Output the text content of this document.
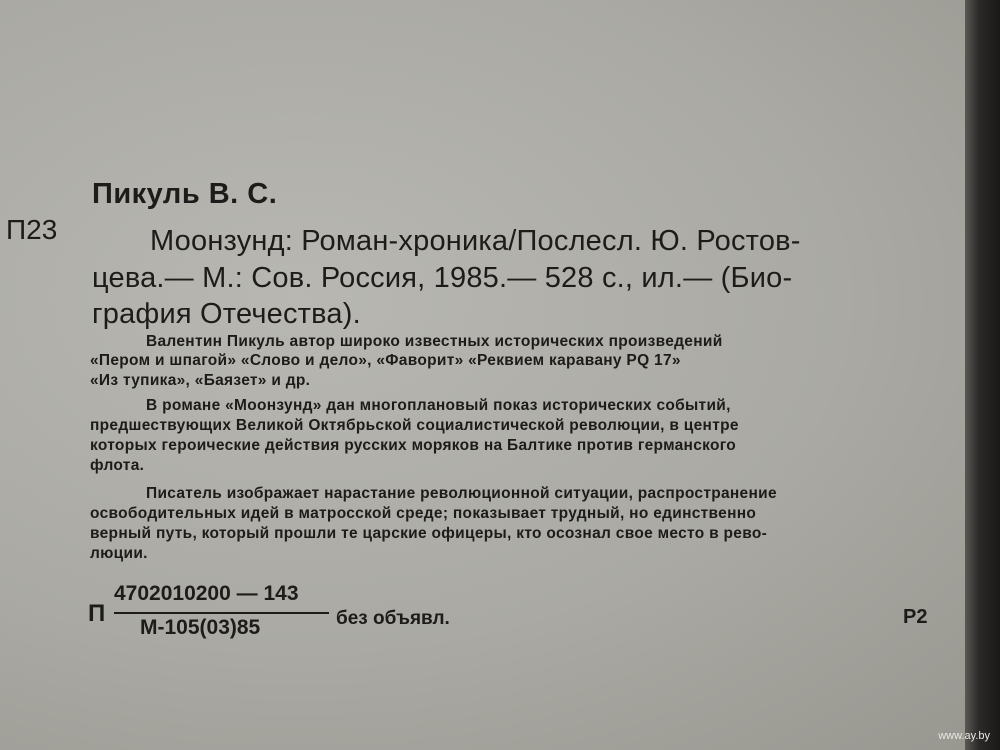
Пикуль В. С.
П23	Моонзунд: Роман-хроника/Послесл. Ю. Ростов-
цева.— М.: Сов. Россия, 1985.— 528 с., ил.— (Био-
графия Отечества).
Валентин Пикуль автор широко известных исторических произведений
«Пером и шпагой» «Слово и дело», «Фаворит» «Реквием каравану PQ 17»
«Из тупика», «Баязет» и др.
В романе «Моонзунд» дан многоплановый показ исторических событий,
предшествующих Великой Октябрьской социалистической революции, в центре
которых героические действия русских моряков на Балтике против германского
флота.
Писатель изображает нарастание революционной ситуации, распространение
освободительных идей в матросской среде; показывает трудный, но единственно
верный путь, который прошли те царские офицеры, кто осознал свое место в рево-
люции.
П
4702010200 — 143
М-105(03)85	без объявл.	Р2
www.ay.by
